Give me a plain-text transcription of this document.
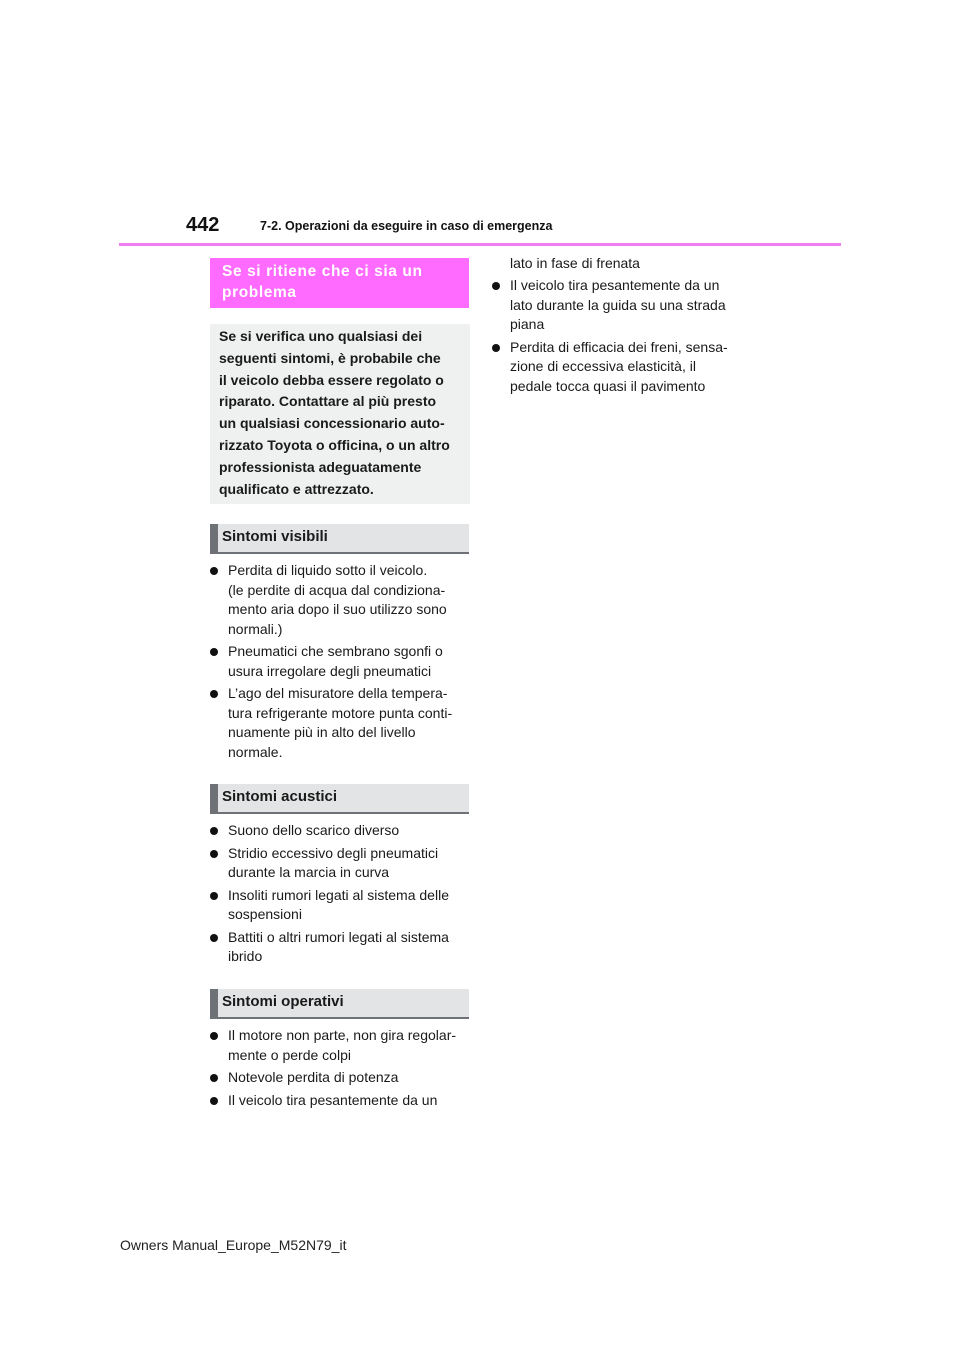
442	7-2. Operazioni da eseguire in caso di emergenza
Se si ritiene che ci sia un
problema
Se si verifica uno qualsiasi dei
seguenti sintomi, è probabile che
il veicolo debba essere regolato o
riparato. Contattare al più presto
un qualsiasi concessionario auto-
rizzato Toyota o officina, o un altro
professionista adeguatamente
qualificato e attrezzato.
Sintomi visibili
Perdita di liquido sotto il veicolo.
(le perdite di acqua dal condiziona-
mento aria dopo il suo utilizzo sono
normali.)
Pneumatici che sembrano sgonfi o
usura irregolare degli pneumatici
L’ago del misuratore della tempera-
tura refrigerante motore punta conti-
nuamente più in alto del livello
normale.
Sintomi acustici
Suono dello scarico diverso
Stridio eccessivo degli pneumatici
durante la marcia in curva
Insoliti rumori legati al sistema delle
sospensioni
Battiti o altri rumori legati al sistema
ibrido
Sintomi operativi
Il motore non parte, non gira regolar-
mente o perde colpi
Notevole perdita di potenza
Il veicolo tira pesantemente da un
lato in fase di frenata
Il veicolo tira pesantemente da un
lato durante la guida su una strada
piana
Perdita di efficacia dei freni, sensa-
zione di eccessiva elasticità, il
pedale tocca quasi il pavimento
Owners Manual_Europe_M52N79_it
